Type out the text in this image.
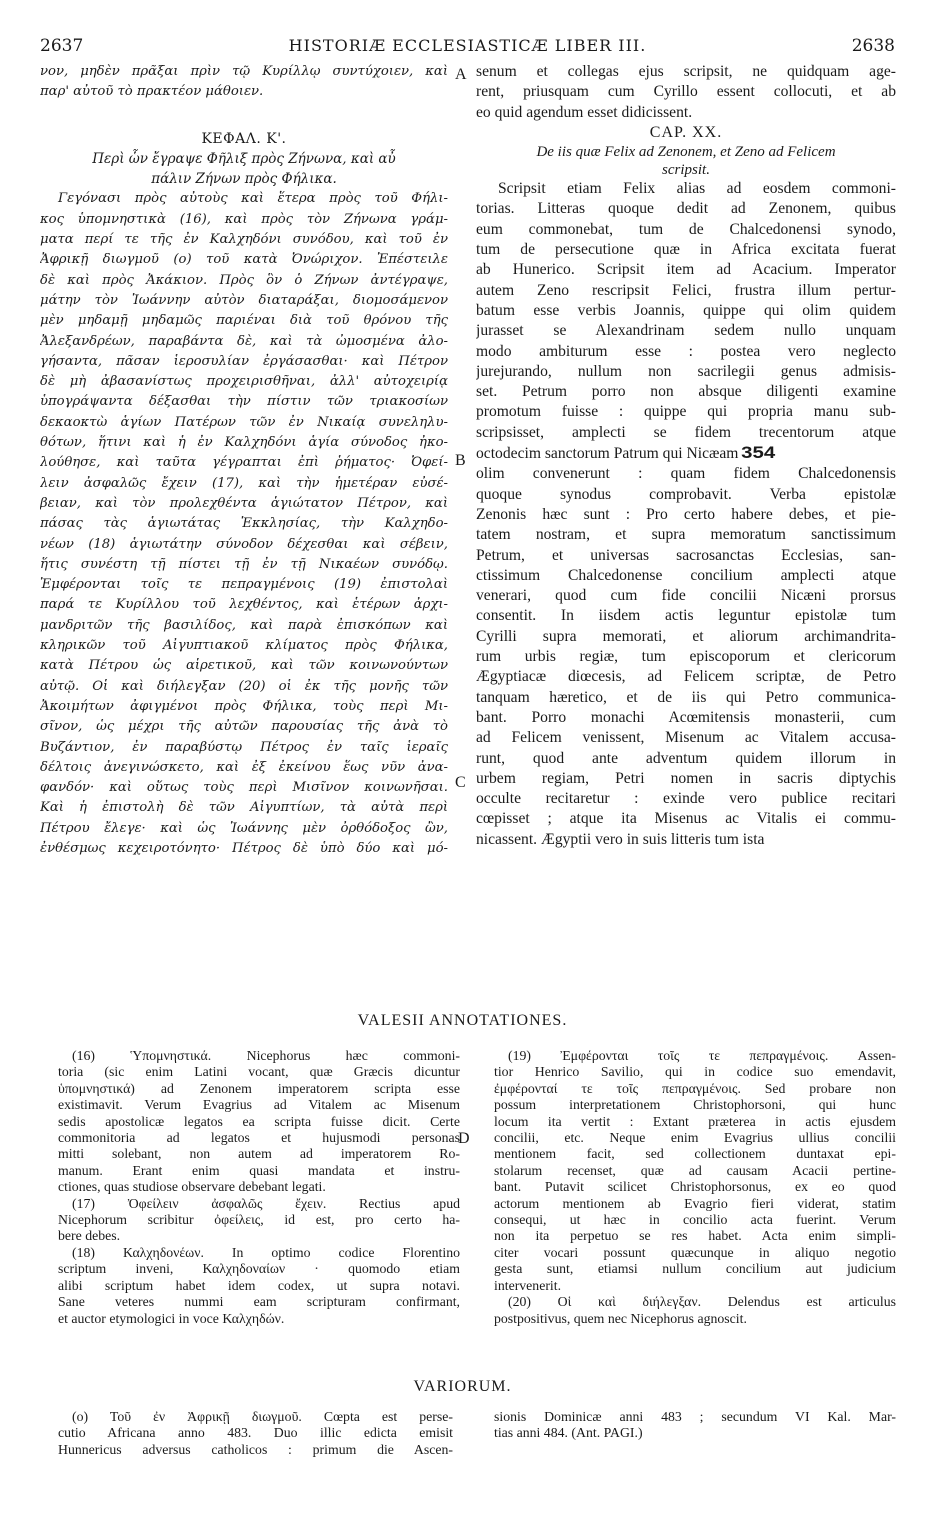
2637	HISTORIÆ ECCLESIASTICÆ LIBER III.	2638
νον, μηδὲν πρᾶξαι πρὶν τῷ Κυρίλλῳ συντύχοιεν, καὶ
παρ' αὐτοῦ τὸ πρακτέον μάθοιεν.
ΚΕΦΑΛ. Κ'.
Περὶ ὧν ἔγραψε Φῆλιξ πρὸς Ζήνωνα, καὶ αὖ
πάλιν Ζήνων πρὸς Φήλικα.
Γεγόνασι πρὸς αὐτοὺς καὶ ἕτερα πρὸς τοῦ Φήλι-
κος ὑπομνηστικὰ (16), καὶ πρὸς τὸν Ζήνωνα γράμ-
ματα περί τε τῆς ἐν Καλχηδόνι συνόδου, καὶ τοῦ ἐν
Ἀφρικῇ διωγμοῦ (ο) τοῦ κατὰ Ὀνώριχον. Ἐπέστειλε
δὲ καὶ πρὸς Ἀκάκιον. Πρὸς ὃν ὁ Ζήνων ἀντέγραψε,
μάτην τὸν Ἰωάννην αὐτὸν διαταράξαι, διομοσάμενον
μὲν μηδαμῇ μηδαμῶς παριέναι διὰ τοῦ θρόνου τῆς
Ἀλεξανδρέων, παραβάντα δὲ, καὶ τὰ ὠμοσμένα ἀλο-
γήσαντα, πᾶσαν ἱεροσυλίαν ἐργάσασθαι· καὶ Πέτρον
δὲ μὴ ἀβασανίστως προχειρισθῆναι, ἀλλ' αὐτοχειρίᾳ
ὑπογράψαντα δέξασθαι τὴν πίστιν τῶν τριακοσίων
δεκαοκτὼ ἁγίων Πατέρων τῶν ἐν Νικαίᾳ συνεληλυ-
θότων, ἥτινι καὶ ἡ ἐν Καλχηδόνι ἁγία σύνοδος ἠκο-
λούθησε, καὶ ταῦτα γέγραπται ἐπὶ ῥήματος· Ὀφεί-
λειν ἀσφαλῶς ἔχειν (17), καὶ τὴν ἡμετέραν εὐσέ-
βειαν, καὶ τὸν προλεχθέντα ἁγιώτατον Πέτρον, καὶ
πάσας τὰς ἁγιωτάτας Ἐκκλησίας, τὴν Καλχηδο-
νέων (18) ἁγιωτάτην σύνοδον δέχεσθαι καὶ σέβειν,
ἥτις συνέστη τῇ πίστει τῇ ἐν τῇ Νικαέων συνόδῳ.
Ἐμφέρονται τοῖς τε πεπραγμένοις (19) ἐπιστολαὶ
παρά τε Κυρίλλου τοῦ λεχθέντος, καὶ ἑτέρων ἀρχι-
μανδριτῶν τῆς βασιλίδος, καὶ παρὰ ἐπισκόπων καὶ
κληρικῶν τοῦ Αἰγυπτιακοῦ κλίματος πρὸς Φήλικα,
κατὰ Πέτρου ὡς αἱρετικοῦ, καὶ τῶν κοινωνούντων
αὐτῷ. Οἱ καὶ διήλεγξαν (20) οἱ ἐκ τῆς μονῆς τῶν
Ἀκοιμήτων ἀφιγμένοι πρὸς Φήλικα, τοὺς περὶ Μι-
σῖνον, ὡς μέχρι τῆς αὐτῶν παρουσίας τῆς ἀνὰ τὸ
Βυζάντιον, ἐν παραβύστῳ Πέτρος ἐν ταῖς ἱεραῖς
δέλτοις ἀνεγινώσκετο, καὶ ἐξ ἐκείνου ἕως νῦν ἀνα-
φανδόν· καὶ οὕτως τοὺς περὶ Μισῖνον κοινωνῆσαι.
Καὶ ἡ ἐπιστολὴ δὲ τῶν Αἰγυπτίων, τὰ αὐτὰ περὶ
Πέτρου ἔλεγε· καὶ ὡς Ἰωάννης μὲν ὀρθόδοξος ὢν,
ἐνθέσμως κεχειροτόνητο· Πέτρος δὲ ὑπὸ δύο καὶ μό-
senum et collegas ejus scripsit, ne quidquam age-
rent, priusquam cum Cyrillo essent collocuti, et ab
eo quid agendum esset didicissent.
CAP. XX.
De iis quæ Felix ad Zenonem, et Zeno ad Felicem
scripsit.
Scripsit etiam Felix alias ad eosdem commoni-
torias. Litteras quoque dedit ad Zenonem, quibus
eum commonebat, tum de Chalcedonensi synodo,
tum de persecutione quæ in Africa excitata fuerat
ab Hunerico. Scripsit item ad Acacium. Imperator
autem Zeno rescripsit Felici, frustra illum pertur-
batum esse verbis Joannis, quippe qui olim quidem
jurasset se Alexandrinam sedem nullo unquam
modo ambiturum esse : postea vero neglecto
jurejurando, nullum non sacrilegii genus admisis-
set. Petrum porro non absque diligenti examine
promotum fuisse : quippe qui propria manu sub-
scripsisset, amplecti se fidem trecentorum atque
octodecim sanctorum Patrum qui Nicæam 354
olim convenerunt : quam fidem Chalcedonensis
quoque synodus comprobavit. Verba epistolæ
Zenonis hæc sunt : Pro certo habere debes, et pie-
tatem nostram, et supra memoratum sanctissimum
Petrum, et universas sacrosanctas Ecclesias, san-
ctissimum Chalcedonense concilium amplecti atque
venerari, quod cum fide concilii Nicæni prorsus
consentit. In iisdem actis leguntur epistolæ tum
Cyrilli supra memorati, et aliorum archimandrita-
rum urbis regiæ, tum episcoporum et clericorum
Ægyptiacæ diœcesis, ad Felicem scriptæ, de Petro
tanquam hæretico, et de iis qui Petro communica-
bant. Porro monachi Acœmitensis monasterii, cum
ad Felicem venissent, Misenum ac Vitalem accusa-
runt, quod ante adventum quidem illorum in
urbem regiam, Petri nomen in sacris diptychis
occulte recitaretur : exinde vero publice recitari
cœpisset ; atque ita Misenus ac Vitalis ei commu-
nicassent. Ægyptii vero in suis litteris tum ista
A
B
C
D
VALESII ANNOTATIONES.
(16) Ὑπομνηστικά. Nicephorus hæc commoni-
toria (sic enim Latini vocant, quæ Græcis dicuntur
ὑπομνηστικά) ad Zenonem imperatorem scripta esse
existimavit. Verum Evagrius ad Vitalem ac Misenum
sedis apostolicæ legatos ea scripta fuisse dicit. Certe
commonitoria ad legatos et hujusmodi personas
mitti solebant, non autem ad imperatorem Ro-
manum. Erant enim quasi mandata et instru-
ctiones, quas studiose observare debebant legati.
(17) Ὀφείλειν ἀσφαλῶς ἔχειν. Rectius apud
Nicephorum scribitur ὀφείλεις, id est, pro certo ha-
bere debes.
(18) Καλχηδονέων. In optimo codice Florentino
scriptum inveni, Καλχηδοναίων · quomodo etiam
alibi scriptum habet idem codex, ut supra notavi.
Sane veteres nummi eam scripturam confirmant,
et auctor etymologici in voce Καλχηδών.
(19) Ἐμφέρονται τοῖς τε πεπραγμένοις. Assen-
tior Henrico Savilio, qui in codice suo emendavit,
ἐμφέρονταί τε τοῖς πεπραγμένοις. Sed probare non
possum interpretationem Christophorsoni, qui hunc
locum ita vertit : Extant præterea in actis ejusdem
concilii, etc. Neque enim Evagrius ullius concilii
mentionem facit, sed collectionem duntaxat epi-
stolarum recenset, quæ ad causam Acacii pertine-
bant. Putavit scilicet Christophorsonus, ex eo quod
actorum mentionem ab Evagrio fieri viderat, statim
consequi, ut hæc in concilio acta fuerint. Verum
non ita perpetuo se res habet. Acta enim simpli-
citer vocari possunt quæcunque in aliquo negotio
gesta sunt, etiamsi nullum concilium aut judicium
intervenerit.
(20) Οἱ καὶ διήλεγξαν. Delendus est articulus
postpositivus, quem nec Nicephorus agnoscit.
VARIORUM.
(ο) Τοῦ ἐν Ἀφρικῇ διωγμοῦ. Cœpta est perse-
cutio Africana anno 483. Duo illic edicta emisit
Hunnericus adversus catholicos : primum die Ascen-
sionis Dominicæ anni 483 ; secundum VI Kal. Mar-
tias anni 484. (Ant. PAGI.)
